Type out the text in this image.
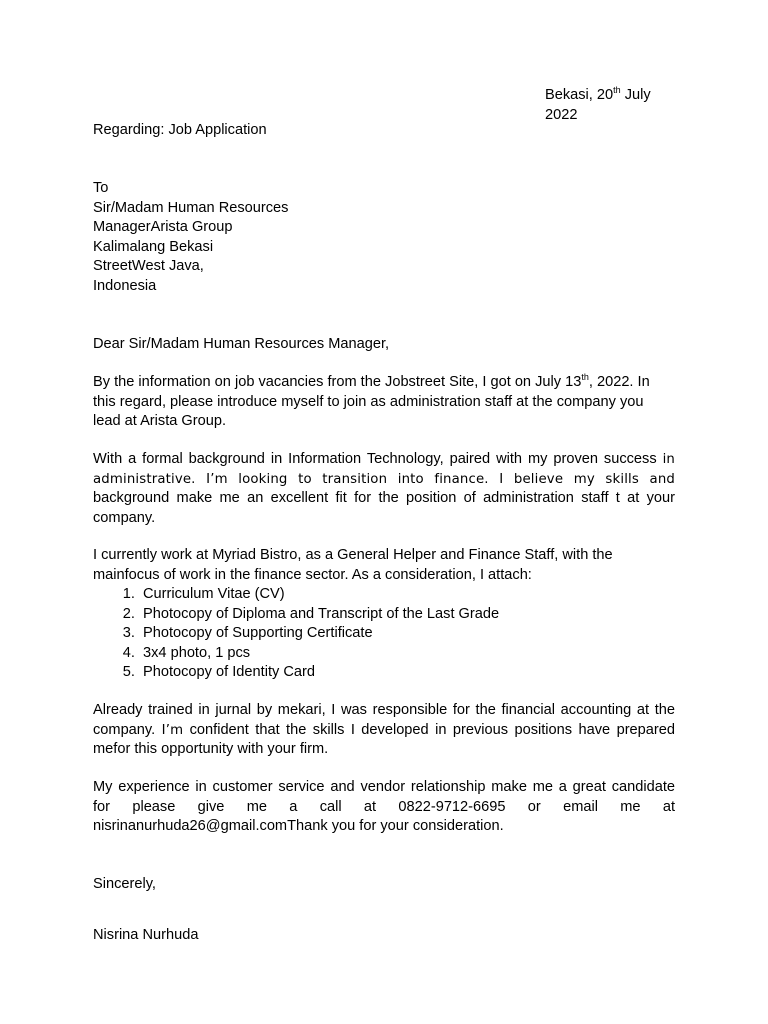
Bekasi, 20th July 2022

Regarding: Job Application

To
Sir/Madam Human Resources
ManagerArista Group
Kalimalang Bekasi
StreetWest Java,
Indonesia

Dear Sir/Madam Human Resources Manager,

By the information on job vacancies from the Jobstreet Site, I got on July 13th, 2022. In this regard, please introduce myself to join as administration staff at the company you lead at Arista Group.

With a formal background in Information Technology, paired with my proven success in administrative. I’m looking to transition into finance. I believe my skills and background make me an excellent fit for the position of administration staff t at your company.

I currently work at Myriad Bistro, as a General Helper and Finance Staff, with the mainfocus of work in the finance sector. As a consideration, I attach:

1. Curriculum Vitae (CV)
2. Photocopy of Diploma and Transcript of the Last Grade
3. Photocopy of Supporting Certificate
4. 3x4 photo, 1 pcs
5. Photocopy of Identity Card

Already trained in jurnal by mekari, I was responsible for the financial accounting at the company. I’m confident that the skills I developed in previous positions have prepared mefor this opportunity with your firm.

My experience in customer service and vendor relationship make me a great candidate for please give me a call at 0822-9712-6695 or email me at nisrinanurhuda26@gmail.comThank you for your consideration.

Sincerely,

Nisrina Nurhuda
